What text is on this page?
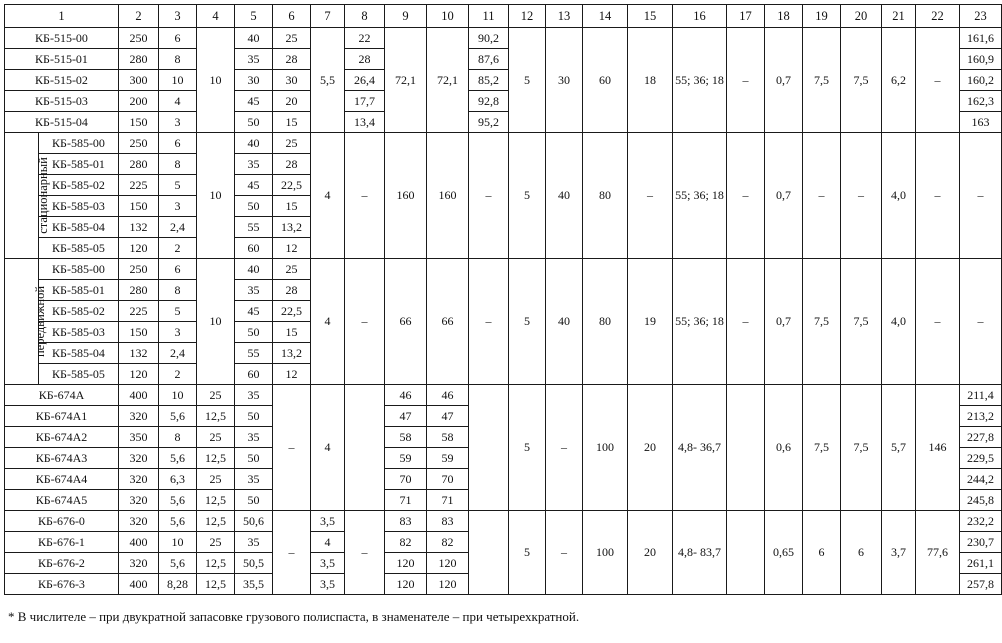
1		2	3	4	5	6	7	8	9	10	11	12	13	14	15	16	17	18	19	20	21	22	23
КБ-515-00		250	6	10	40	25	5,5	22	72,1	72,1	90,2	5	30	60	18	55; 36; 18	–	0,7	7,5	7,5	6,2	–	161,6
КБ-515-01		280	8		35	28		28			87,6												160,9
КБ-515-02		300	10		30	30		26,4			85,2												160,2
КБ-515-03		200	4		45	20		17,7			92,8												162,3
КБ-515-04		150	3		50	15		13,4			95,2												163
стационарный	КБ-585-00	250	6	10	40	25	4	–	160	160	–	5	40	80	–	55; 36; 18	–	0,7	–	–	4,0	–	–
	КБ-585-01	280	8		35	28																	
	КБ-585-02	225	5		45	22,5																	
	КБ-585-03	150	3		50	15																	
	КБ-585-04	132	2,4		55	13,2																	
	КБ-585-05	120	2		60	12																	
передвижной	КБ-585-00	250	6	10	40	25	4	–	66	66	–	5	40	80	19	55; 36; 18	–	0,7	7,5	7,5	4,0	–	–
	КБ-585-01	280	8		35	28																	
	КБ-585-02	225	5		45	22,5																	
	КБ-585-03	150	3		50	15																	
	КБ-585-04	132	2,4		55	13,2																	
	КБ-585-05	120	2		60	12																	
КБ-674А		400	10	25	35	–	4		46	46		5	–	100	20	4,8- 36,7		0,6	7,5	7,5	5,7	146	211,4
КБ-674А1		320	5,6	12,5	50				47	47													213,2
КБ-674А2		350	8	25	35				58	58													227,8
КБ-674А3		320	5,6	12,5	50				59	59													229,5
КБ-674А4		320	6,3	25	35				70	70													244,2
КБ-674А5		320	5,6	12,5	50				71	71													245,8
КБ-676-0		320	5,6	12,5	50,6	–	3,5	–	83	83		5	–	100	20	4,8- 83,7		0,65	6	6	3,7	77,6	232,2
КБ-676-1		400	10	25	35		4		82	82													230,7
КБ-676-2		320	5,6	12,5	50,5		3,5		120	120													261,1
КБ-676-3		400	8,28	12,5	35,5		3,5		120	120													257,8
* В числителе – при двукратной запасовке грузового полиспаста, в знаменателе – при четырехкратной.
